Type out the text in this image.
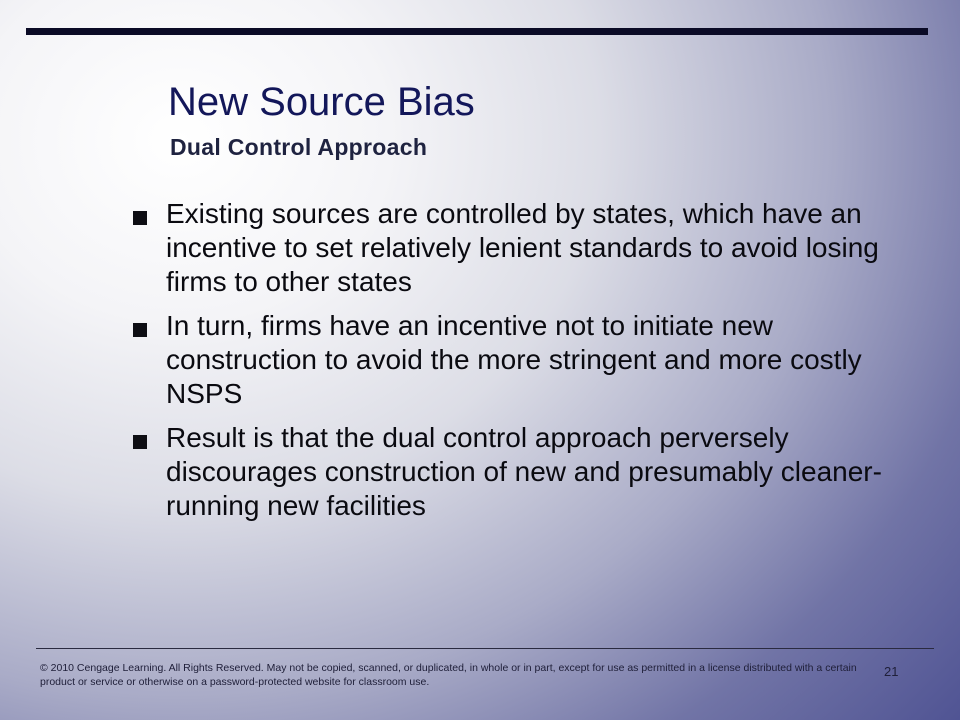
New Source Bias
Dual Control Approach
Existing sources are controlled by states, which have an incentive to set relatively lenient standards to avoid losing firms to other states
In turn, firms have an incentive not to initiate new construction to avoid the more stringent and more costly NSPS
Result is that the dual control approach perversely discourages construction of new and presumably cleaner-running new facilities

© 2010 Cengage Learning. All Rights Reserved. May not be copied, scanned, or duplicated, in whole or in part, except for use as permitted in a license distributed with a certain product or service or otherwise on a password-protected website for classroom use.

21
